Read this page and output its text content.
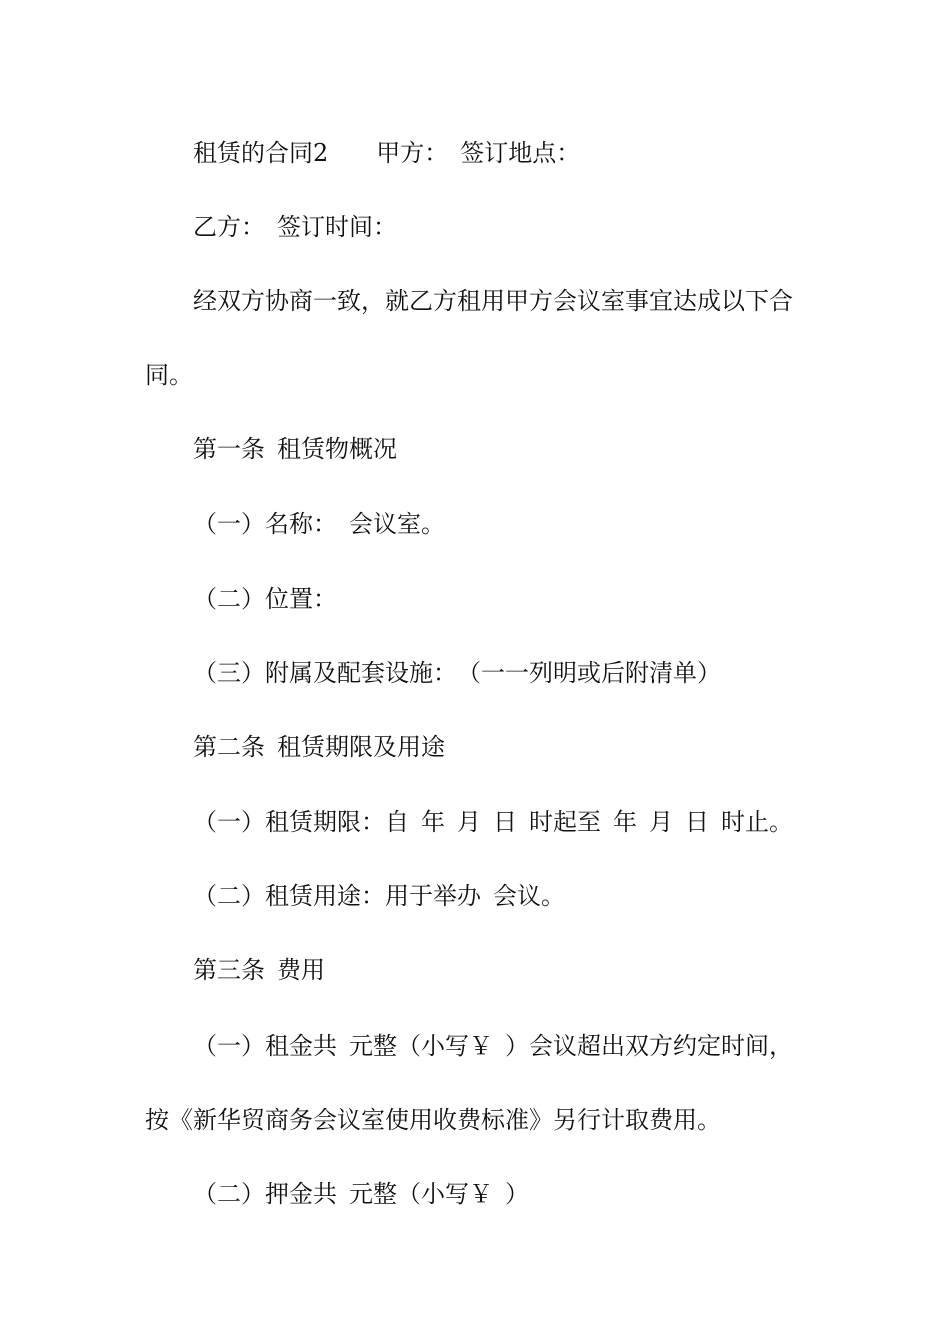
租赁的合同2　　甲方：　签订地点：

乙方：　签订时间：

经双方协商一致，就乙方租用甲方会议室事宜达成以下合

同。

第一条 租赁物概况

（一）名称：　会议室。

（二）位置：

（三）附属及配套设施：　（一一列明或后附清单）

第二条 租赁期限及用途

（一）租赁期限：自 年 月 日 时起至 年 月 日 时止。

（二）租赁用途：用于举办 会议。

第三条 费用

（一）租金共 元整（小写￥ ）会议超出双方约定时间，

按《新华贸商务会议室使用收费标准》另行计取费用。

（二）押金共 元整（小写￥ ）
